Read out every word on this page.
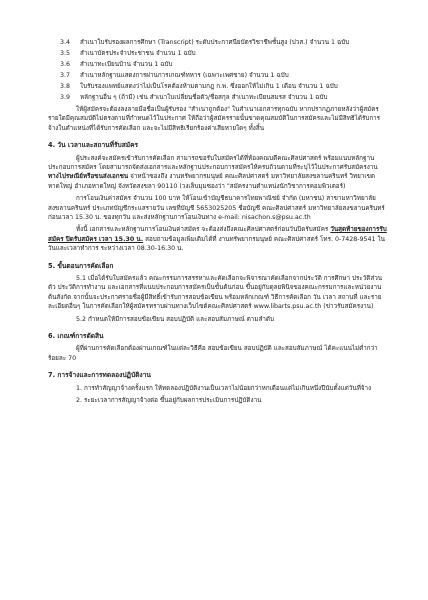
3.4 สำเนาใบรับรองผลการศึกษา (Transcript) ระดับประกาศนียบัตรวิชาชีพชั้นสูง (ปวส.) จำนวน 1 ฉบับ
3.5 สำเนาบัตรประจำประชาชน จำนวน 1 ฉบับ
3.6 สำเนาทะเบียนบ้าน จำนวน 1 ฉบับ
3.7 สำเนาหลักฐานแสดงการผ่านการเกณฑ์ทหาร (เฉพาะเพศชาย) จำนวน 1 ฉบับ
3.8 ใบรับรองแพทย์แสดงว่าไม่เป็นโรคต้องห้ามตามกฎ ก.พ. ซึ่งออกให้ไม่เกิน 1 เดือน จำนวน 1 ฉบับ
3.9 หลักฐานอื่น ๆ (ถ้ามี) เช่น สำเนาใบเปลี่ยนชื่อตัว/ชื่อสกุล สำเนาทะเบียนสมรส จำนวน 1 ฉบับ
ให้ผู้สมัครจะต้องลงลายมือชื่อเป็นผู้รับรอง "สำเนาถูกต้อง" ในสำเนาเอกสารทุกฉบับ หากปรากฏภายหลังว่าผู้สมัครรายใดมีคุณสมบัติไม่ตรงตามที่กำหนดไว้ในประกาศ ให้ถือว่าผู้สมัครรายนั้นขาดคุณสมบัติในการสมัครและไม่มีสิทธิได้รับการจ้างในตำแหน่งที่ได้รับการคัดเลือก และจะไม่มีสิทธิเรียกร้องค่าเสียหายใดๆ ทั้งสิ้น
4. วัน เวลาและสถานที่รับสมัคร
ผู้ประสงค์จะสมัครเข้ารับการคัดเลือก สามารถขอรับใบสมัครได้ที่ห้องคณบดีคณะศิลปศาสตร์ พร้อมแนบหลักฐานประกอบการสมัคร โดยสามารถจัดส่งเอกสารและหลักฐานประกอบการสมัครให้ครบถ้วนตามที่ระบุไว้ในประกาศรับสมัครงาน ทางไปรษณีย์หรือขนส่งเอกชน จ่าหน้าซองถึง งานทรัพยากรมนุษย์ คณะศิลปศาสตร์ มหาวิทยาลัยสงขลานครินทร์ วิทยาเขตหาดใหญ่ อำเภอหาดใหญ่ จังหวัดสงขลา 90110 (วงเล็บมุมซองว่า "สมัครงานตำแหน่งนักวิชาการคอมพิวเตอร์)
การโอนเงินค่าสมัคร จำนวน 100 บาท ให้โอนเข้าบัญชีธนาคารไทยพาณิชย์ จำกัด (มหาชน) สาขามหาวิทยาลัยสงขลานครินทร์ ประเภทบัญชีกระแสรายวัน เลขที่บัญชี 5653025205 ชื่อบัญชี คณะศิลปศาสตร์ มหาวิทยาลัยสงขลานครินทร์ ก่อนเวลา 15.30 น. ของทุกวัน และส่งหลักฐานการโอนเงินทาง e-mail: nisachon.s@psu.ac.th
ทั้งนี้ เอกสารและหลักฐานการโอนเงินค่าสมัคร จะต้องส่งถึงคณะศิลปศาสตร์ก่อนวันปิดรับสมัคร วันสุดท้ายของการรับสมัคร ปิดรับสมัคร เวลา 15.30 น. สอบถามข้อมูลเพิ่มเติมได้ที่ งานทรัพยากรมนุษย์ คณะศิลปศาสตร์ โทร. 0-7428-9541 ในวันและเวลาทำการ ระหว่างเวลา 08.30-16.30 น.
5. ขั้นตอนการคัดเลือก
5.1 เมื่อได้รับใบสมัครแล้ว คณะกรรมการสรรหาและคัดเลือกจะพิจารณาคัดเลือกจากประวัติ การศึกษา ประวัติส่วนตัว ประวัติการทำงาน และเอกสารที่แนบประกอบการสมัครเป็นขั้นต้นก่อน ขึ้นอยู่กับดุลยพินิจของคณะกรรมการและหน่วยงานต้นสังกัด จากนั้นจะประกาศรายชื่อผู้มีสิทธิ์เข้ารับการสอบข้อเขียน พร้อมหลักเกณฑ์ วิธีการคัดเลือก วัน เวลา สถานที่ และรายละเอียดอื่นๆ ในการคัดเลือกให้ผู้สมัครทราบผ่านทางเว็บไซต์คณะศิลปศาสตร์ www.libarts.psu.ac.th (ข่าวรับสมัครงาน)
5.2 กำหนดให้มีการสอบข้อเขียน สอบปฏิบัติ และสอบสัมภาษณ์ ตามลำดับ
6. เกณฑ์การตัดสิน
ผู้ที่ผ่านการคัดเลือกต้องผ่านเกณฑ์ในแต่ละวิธีคือ สอบข้อเขียน สอบปฏิบัติ และสอบสัมภาษณ์ ได้คะแนนไม่ต่ำกว่าร้อยละ 70
7. การจ้างและการทดลองปฏิบัติงาน
1. การทำสัญญาจ้างครั้งแรก ให้ทดลองปฏิบัติงานเป็นเวลาไม่น้อยกว่าหกเดือนแต่ไม่เกินหนึ่งปีนับตั้งแต่วันที่จ้าง
2. ระยะเวลาการสัญญาจ้างต่อ ขึ้นอยู่กับผลการประเมินการปฏิบัติงาน
